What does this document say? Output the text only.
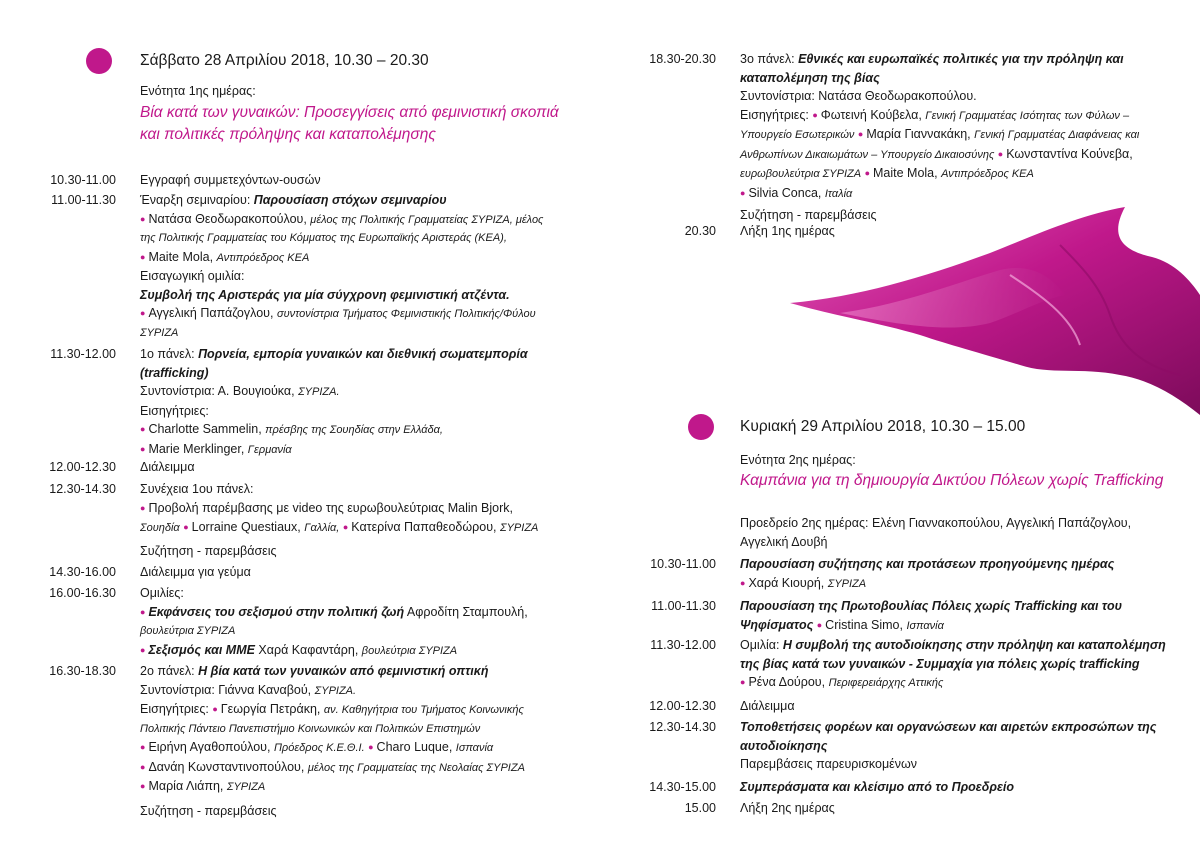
Σάββατο 28 Απριλίου 2018, 10.30 – 20.30
Ενότητα 1ης ημέρας:
Βία κατά των γυναικών: Προσεγγίσεις από φεμινιστική σκοπιά
και πολιτικές πρόληψης και καταπολέμησης
10.30-11.00 Εγγραφή συμμετεχόντων-ουσών
11.00-11.30 Έναρξη σεμιναρίου: Παρουσίαση στόχων σεμιναρίου
● Νατάσα Θεοδωρακοπούλου, μέλος της Πολιτικής Γραμματείας ΣΥΡΙΖΑ, μέλος
της Πολιτικής Γραμματείας του Κόμματος της Ευρωπαϊκής Αριστεράς (ΚΕΑ),
● Maite Mola, Αντιπρόεδρος ΚΕΑ
Εισαγωγική ομιλία:
Συμβολή της Αριστεράς για μία σύγχρονη φεμινιστική ατζέντα.
● Αγγελική Παπάζογλου, συντονίστρια Τμήματος Φεμινιστικής Πολιτικής/Φύλου
ΣΥΡΙΖΑ
11.30-12.00 1ο πάνελ: Πορνεία, εμπορία γυναικών και διεθνική σωματεμπορία
(trafficking)
Συντονίστρια: Α. Βουγιούκα, ΣΥΡΙΖΑ.
Εισηγήτριες:
● Charlotte Sammelin, πρέσβης της Σουηδίας στην Ελλάδα,
● Marie Merklinger, Γερμανία
12.00-12.30 Διάλειμμα
12.30-14.30 Συνέχεια 1ου πάνελ:
● Προβολή παρέμβασης με video της ευρωβουλεύτριας Malin Bjork,
Σουηδία ● Lorraine Questiaux, Γαλλία, ● Κατερίνα Παπαθεοδώρου, ΣΥΡΙΖΑ
Συζήτηση - παρεμβάσεις
14.30-16.00 Διάλειμμα για γεύμα
16.00-16.30 Ομιλίες:
● Εκφάνσεις του σεξισμού στην πολιτική ζωή Αφροδίτη Σταμπουλή,
βουλεύτρια ΣΥΡΙΖΑ
● Σεξισμός και ΜΜΕ Χαρά Καφαντάρη, βουλεύτρια ΣΥΡΙΖΑ
16.30-18.30 2ο πάνελ: Η βία κατά των γυναικών από φεμινιστική οπτική
Συντονίστρια: Γιάννα Καναβού, ΣΥΡΙΖΑ.
Εισηγήτριες: ● Γεωργία Πετράκη, αν. Καθηγήτρια του Τμήματος Κοινωνικής
Πολιτικής Πάντειο Πανεπιστήμιο Κοινωνικών και Πολιτικών Επιστημών
● Ειρήνη Αγαθοπούλου, Πρόεδρος Κ.Ε.Θ.Ι. ● Charo Luque, Ισπανία
● Δανάη Κωνσταντινοπούλου, μέλος της Γραμματείας της Νεολαίας ΣΥΡΙΖΑ
● Μαρία Λιάπη, ΣΥΡΙΖΑ
Συζήτηση - παρεμβάσεις
18.30-20.30 3ο πάνελ: Εθνικές και ευρωπαϊκές πολιτικές για την πρόληψη και
καταπολέμηση της βίας
Συντονίστρια: Νατάσα Θεοδωρακοπούλου.
Εισηγήτριες: ● Φωτεινή Κούβελα, Γενική Γραμματέας Ισότητας των Φύλων –
Υπουργείο Εσωτερικών ● Μαρία Γιαννακάκη, Γενική Γραμματέας Διαφάνειας και
Ανθρωπίνων Δικαιωμάτων – Υπουργείο Δικαιοσύνης ● Κωνσταντίνα Κούνεβα,
ευρωβουλεύτρια ΣΥΡΙΖΑ ● Maite Mola, Αντιπρόεδρος ΚΕΑ
● Silvia Conca, Ιταλία
Συζήτηση - παρεμβάσεις
20.30 Λήξη 1ης ημέρας
Κυριακή 29 Απριλίου 2018, 10.30 – 15.00
Ενότητα 2ης ημέρας:
Καμπάνια για τη δημιουργία Δικτύου Πόλεων χωρίς Trafficking
Προεδρείο 2ης ημέρας: Ελένη Γιαννακοπούλου, Αγγελική Παπάζογλου,
Αγγελική Δουβή
10.30-11.00 Παρουσίαση συζήτησης και προτάσεων προηγούμενης ημέρας
● Χαρά Κιουρή, ΣΥΡΙΖΑ
11.00-11.30 Παρουσίαση της Πρωτοβουλίας Πόλεις χωρίς Trafficking και του
Ψηφίσματος ● Cristina Simo, Ισπανία
11.30-12.00 Ομιλία: Η συμβολή της αυτοδιοίκησης στην πρόληψη και καταπολέμηση
της βίας κατά των γυναικών - Συμμαχία για πόλεις χωρίς trafficking
● Ρένα Δούρου, Περιφερειάρχης Αττικής
12.00-12.30 Διάλειμμα
12.30-14.30 Τοποθετήσεις φορέων και οργανώσεων και αιρετών εκπροσώπων της
αυτοδιοίκησης
Παρεμβάσεις παρευρισκομένων
14.30-15.00 Συμπεράσματα και κλείσιμο από το Προεδρείο
15.00 Λήξη 2ης ημέρας
